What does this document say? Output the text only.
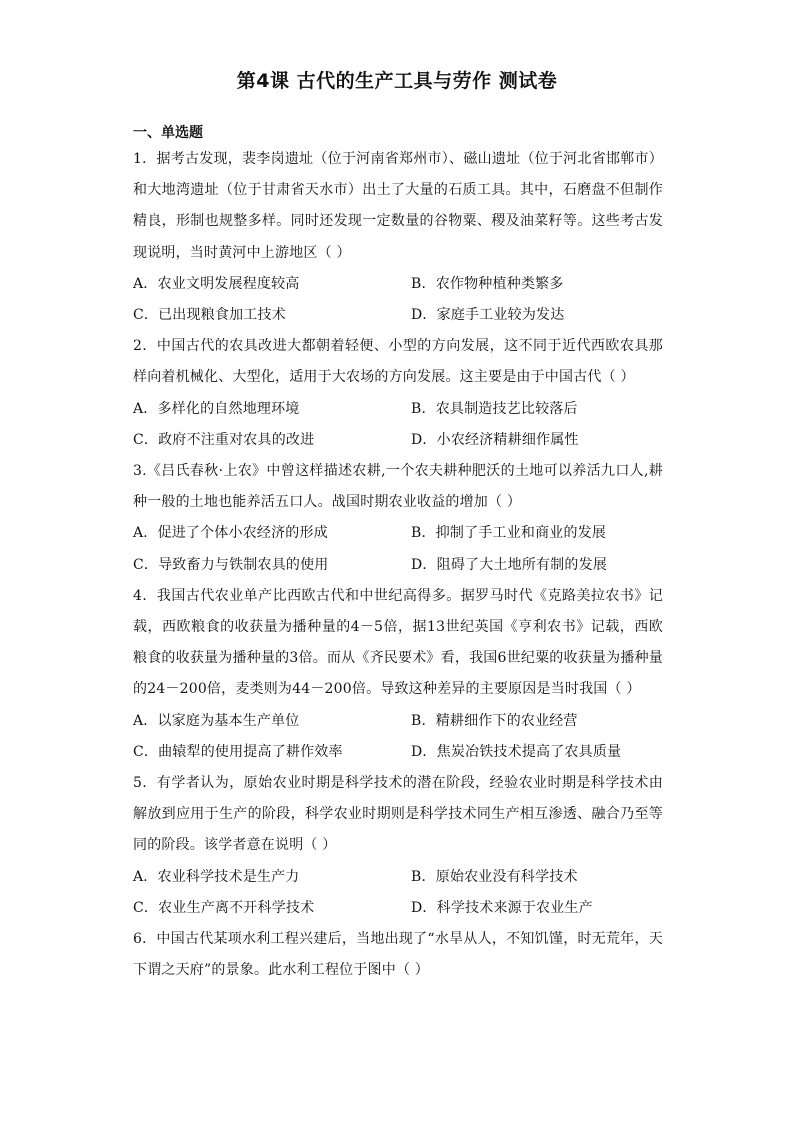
第4课 古代的生产工具与劳作 测试卷
一、单选题

1．据考古发现，裴李岗遗址（位于河南省郑州市）、磁山遗址（位于河北省邯郸市）和大地湾遗址（位于甘肃省天水市）出土了大量的石质工具。其中，石磨盘不但制作精良，形制也规整多样。同时还发现一定数量的谷物粟、稷及油菜籽等。这些考古发现说明，当时黄河中上游地区（ ）

A．农业文明发展程度较高	B．农作物种植种类繁多
C．已出现粮食加工技术	D．家庭手工业较为发达

2．中国古代的农具改进大都朝着轻便、小型的方向发展，这不同于近代西欧农具那样向着机械化、大型化，适用于大农场的方向发展。这主要是由于中国古代（ ）

A．多样化的自然地理环境	B．农具制造技艺比较落后
C．政府不注重对农具的改进	D．小农经济精耕细作属性

3.《吕氏春秋·上农》中曾这样描述农耕,一个农夫耕种肥沃的土地可以养活九口人,耕种一般的土地也能养活五口人。战国时期农业收益的增加（ ）

A．促进了个体小农经济的形成	B．抑制了手工业和商业的发展
C．导致畜力与铁制农具的使用	D．阻碍了大土地所有制的发展

4．我国古代农业单产比西欧古代和中世纪高得多。据罗马时代《克路美拉农书》记载，西欧粮食的收获量为播种量的4－5倍，据13世纪英国《亨利农书》记载，西欧粮食的收获量为播种量的3倍。而从《齐民要术》看，我国6世纪粟的收获量为播种量的24－200倍，麦类则为44－200倍。导致这种差异的主要原因是当时我国（ ）

A．以家庭为基本生产单位	B．精耕细作下的农业经营
C．曲辕犁的使用提高了耕作效率	D．焦炭冶铁技术提高了农具质量

5．有学者认为，原始农业时期是科学技术的潜在阶段，经验农业时期是科学技术由解放到应用于生产的阶段，科学农业时期则是科学技术同生产相互渗透、融合乃至等同的阶段。该学者意在说明（ ）

A．农业科学技术是生产力	B．原始农业没有科学技术
C．农业生产离不开科学技术	D．科学技术来源于农业生产

6．中国古代某项水利工程兴建后，当地出现了“水旱从人，不知饥馑，时无荒年，天下谓之天府”的景象。此水利工程位于图中（ ）
